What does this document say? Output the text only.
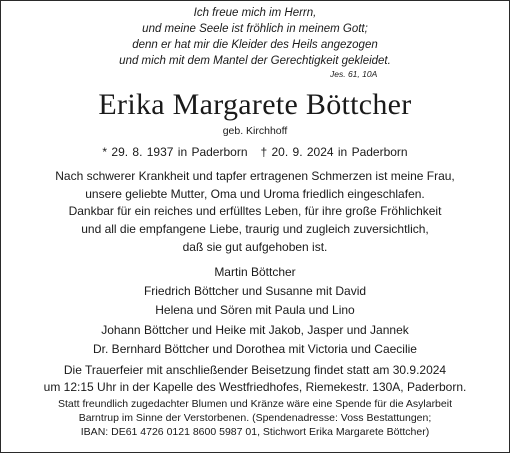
Ich freue mich im Herrn,
und meine Seele ist fröhlich in meinem Gott;
denn er hat mir die Kleider des Heils angezogen
und mich mit dem Mantel der Gerechtigkeit gekleidet.
Jes. 61, 10A
Erika Margarete Böttcher
geb. Kirchhoff
* 29. 8. 1937 in Paderborn   † 20. 9. 2024 in Paderborn
Nach schwerer Krankheit und tapfer ertragenen Schmerzen ist meine Frau,
unsere geliebte Mutter, Oma und Uroma friedlich eingeschlafen.
Dankbar für ein reiches und erfülltes Leben, für ihre große Fröhlichkeit
und all die empfangene Liebe, traurig und zugleich zuversichtlich,
daß sie gut aufgehoben ist.
Martin Böttcher
Friedrich Böttcher und Susanne mit David
Helena und Sören mit Paula und Lino
Johann Böttcher und Heike mit Jakob, Jasper und Jannek
Dr. Bernhard Böttcher und Dorothea mit Victoria und Caecilie
Die Trauerfeier mit anschließender Beisetzung findet statt am 30.9.2024
um 12:15 Uhr in der Kapelle des Westfriedhofes, Riemekestr. 130A, Paderborn.
Statt freundlich zugedachter Blumen und Kränze wäre eine Spende für die Asylarbeit
Barntrup im Sinne der Verstorbenen. (Spendenadresse: Voss Bestattungen;
IBAN: DE61 4726 0121 8600 5987 01, Stichwort Erika Margarete Böttcher)
